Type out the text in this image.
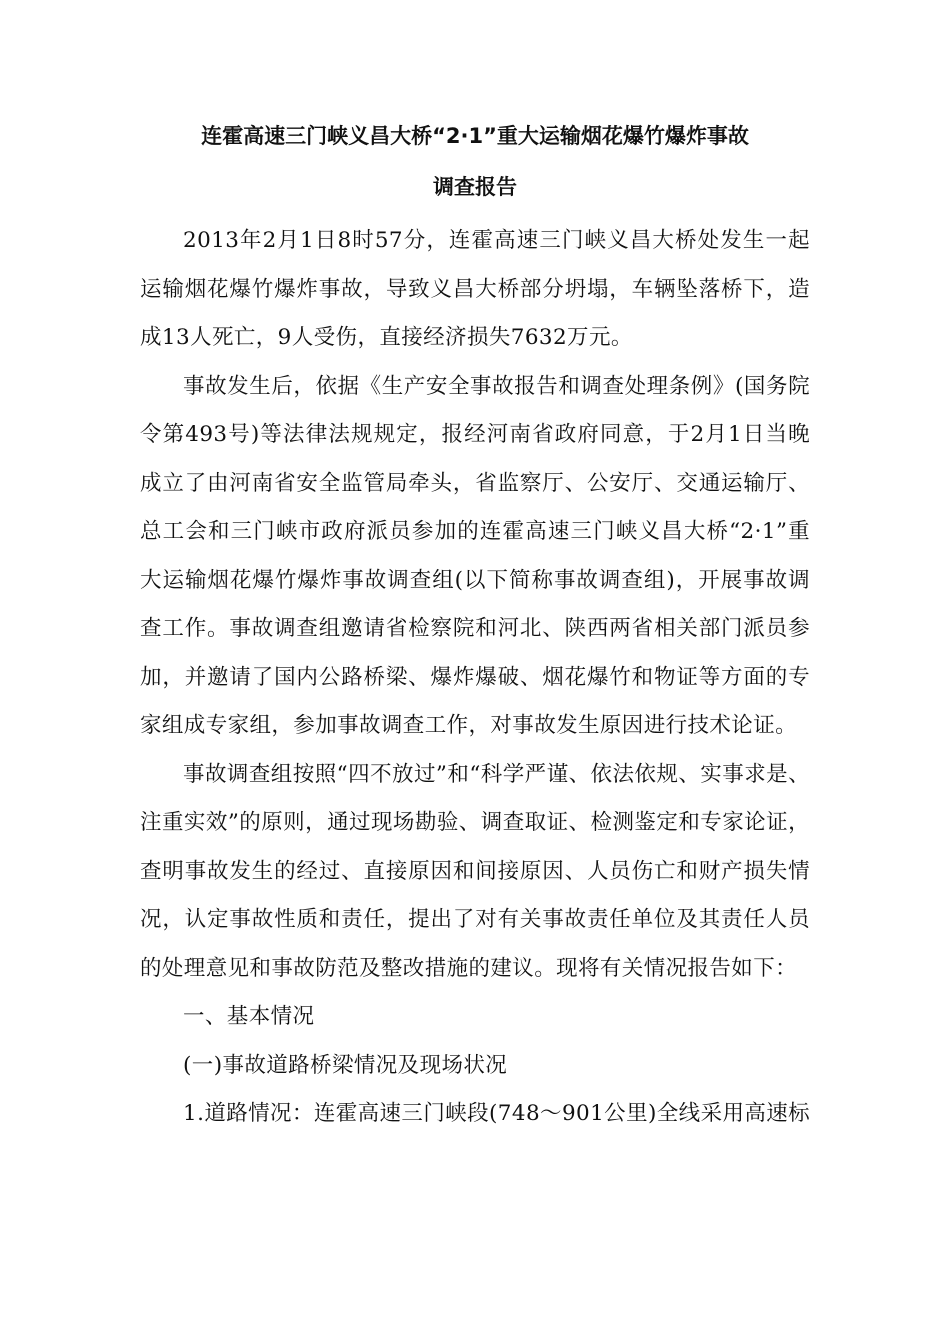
连霍高速三门峡义昌大桥“2·1”重大运输烟花爆竹爆炸事故
调查报告

2013年2月1日8时57分，连霍高速三门峡义昌大桥处发生一起运输烟花爆竹爆炸事故，导致义昌大桥部分坍塌，车辆坠落桥下，造成13人死亡，9人受伤，直接经济损失7632万元。

事故发生后，依据《生产安全事故报告和调查处理条例》(国务院令第493号)等法律法规规定，报经河南省政府同意，于2月1日当晚成立了由河南省安全监管局牵头，省监察厅、公安厅、交通运输厅、总工会和三门峡市政府派员参加的连霍高速三门峡义昌大桥“2·1”重大运输烟花爆竹爆炸事故调查组(以下简称事故调查组)，开展事故调查工作。事故调查组邀请省检察院和河北、陕西两省相关部门派员参加，并邀请了国内公路桥梁、爆炸爆破、烟花爆竹和物证等方面的专家组成专家组，参加事故调查工作，对事故发生原因进行技术论证。

事故调查组按照“四不放过”和“科学严谨、依法依规、实事求是、注重实效”的原则，通过现场勘验、调查取证、检测鉴定和专家论证，查明事故发生的经过、直接原因和间接原因、人员伤亡和财产损失情况，认定事故性质和责任，提出了对有关事故责任单位及其责任人员的处理意见和事故防范及整改措施的建议。现将有关情况报告如下：

一、基本情况

(一)事故道路桥梁情况及现场状况

1.道路情况：连霍高速三门峡段(748～901公里)全线采用高速标
